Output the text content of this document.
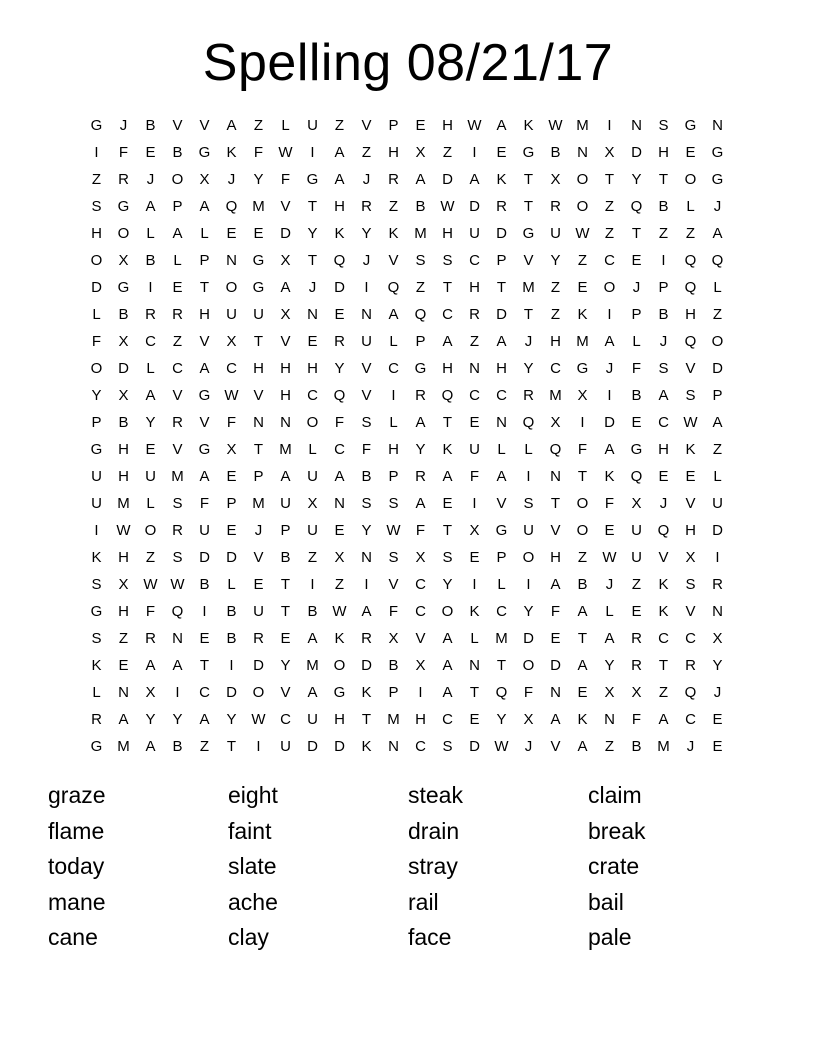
Spelling 08/21/17
G	J	B	V	V	A	Z	L	U	Z	V	P	E	H W A	K W M	I	N	S	G	N
I	F	E	B	G	K	F	W	I	A	Z	H	X	Z	I	E	G	B	N	X	D	H	E	G
Z	R	J	O	X	J	Y	F	G	A	J	R	A	D	A	K	T	X	O	T	Y	T	O	G
S	G	A	P	A	Q M	V	T	H	R	Z	B W D	R	T	R	O	Z	Q	B	L	J
H	O	L	A	L	E	E	D	Y	K	Y	K	M	H	U	D	G	U W	Z	T	Z	Z	A
O	X	B	L	P	N	G	X	T	Q	J	V	S	S	C	P	V	Y	Z	C	E	I	Q	Q
D	G	I	E	T	O	G	A	J	D	I	Q	Z	T	H	T	M	Z	E	O	J	P	Q	L
L	B	R	R	H	U	U	X	N	E	N	A	Q	C	R	D	T	Z	K	I	P	B	H	Z
F	X	C	Z	V	X	T	V	E	R	U	L	P	A	Z	A	J	H	M	A	L	J	Q	O
O	D	L	C	A	C	H	H	H	Y	V	C	G	H	N	H	Y	C	G	J	F	S	V	D
Y	X	A	V	G W V	H	C	Q	V	I	R	Q	C	C	R	M	X	I	B	A	S	P
P	B	Y	R	V	F	N	N	O	F	S	L	A	T	E	N	Q	X	I	D	E	C W A
G	H	E	V	G	X	T	M	L	C	F	H	Y	K	U	L	L	Q	F	A	G	H	K	Z
U	H	U	M	A	E	P	A	U	A	B	P	R	A	F	A	I	N	T	K	Q	E	E	L
U	M	L	S	F	P	M	U	X	N	S	S	A	E	I	V	S	T	O	F	X	J	V	U
I	W O	R	U	E	J	P	U	E	Y W	F	T	X	G	U	V	O	E	U	Q	H	D
K	H	Z	S	D	D	V	B	Z	X	N	S	X	S	E	P	O	H	Z	W U	V	X	I
S	X W W B	L	E	T	I	Z	I	V	C	Y	I	L	I	A	B	J	Z	K	S	R
G	H	F	Q	I	B	U	T	B W A	F	C	O	K	C	Y	F	A	L	E	K	V	N
S	Z	R	N	E	B	R	E	A	K	R	X	V	A	L	M	D	E	T	A	R	C	C	X
K	E	A	A	T	I	D	Y	M O	D	B	X	A	N	T	O	D	A	Y	R	T	R	Y
L	N	X	I	C	D	O	V	A	G	K	P	I	A	T	Q	F	N	E	X	X	Z	Q	J
R	A	Y	Y	A	Y W C	U	H	T	M	H	C	E	Y	X	A	K	N	F	A	C	E
G M	A	B	Z	T	I	U	D	D	K	N	C	S	D W	J	V	A	Z	B	M	J	E
graze	eight	steak	claim
flame	faint	drain	break
today	slate	stray	crate
mane	ache	rail	bail
cane	clay	face	pale
